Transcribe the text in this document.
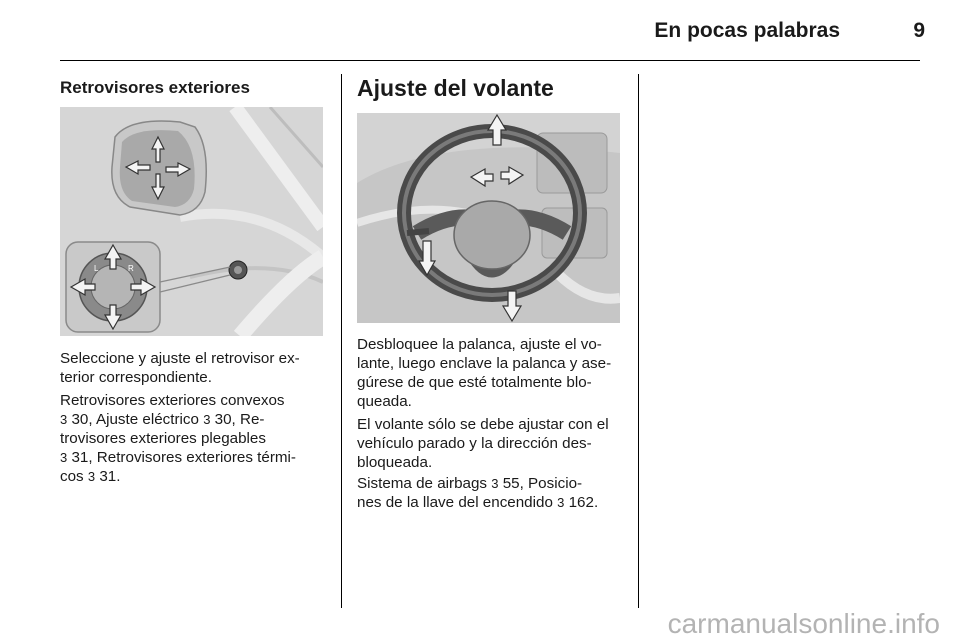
En pocas palabras	9
Retrovisores exteriores
L	R
Seleccione y ajuste el retrovisor ex-
terior correspondiente.
Retrovisores exteriores convexos
3 30, Ajuste eléctrico 3 30, Re-
trovisores exteriores plegables
3 31, Retrovisores exteriores térmi-
cos 3 31.
Ajuste del volante
Desbloquee la palanca, ajuste el vo-
lante, luego enclave la palanca y ase-
gúrese de que esté totalmente blo-
queada.
El volante sólo se debe ajustar con el
vehículo parado y la dirección des-
bloqueada.
Sistema de airbags 3 55, Posicio-
nes de la llave del encendido 3 162.
carmanualsonline.info
